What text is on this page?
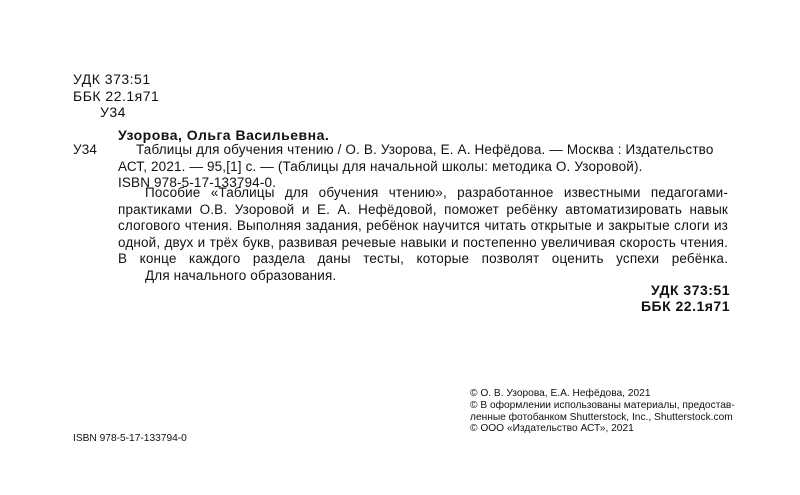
УДК 373:51
ББК 22.1я71
У34
Узорова, Ольга Васильевна.
У34	Таблицы для обучения чтению / О. В. Узорова, Е. А. Нефёдова. — Москва : Издательство
АСТ, 2021. — 95,[1] с. — (Таблицы для начальной школы: методика О. Узоровой).
ISBN 978-5-17-133794-0.

Пособие «Таблицы для обучения чтению», разработанное известными педагогами-практиками О.В. Узоровой и Е. А. Нефёдовой, поможет ребёнку автоматизировать навык слогового чтения. Выполняя задания, ребёнок научится читать открытые и закрытые слоги из одной, двух и трёх букв, развивая речевые навыки и постепенно увеличивая скорость чтения. В конце каждого раздела даны тесты, которые позволят оценить успехи ребёнка.

Для начального образования.

УДК 373:51
ББК 22.1я71
ISBN 978-5-17-133794-0
© О. В. Узорова, Е.А. Нефёдова, 2021
© В оформлении использованы материалы, предостав-
ленные фотобанком Shutterstock, Inc., Shutterstock.com
© ООО «Издательство АСТ», 2021
